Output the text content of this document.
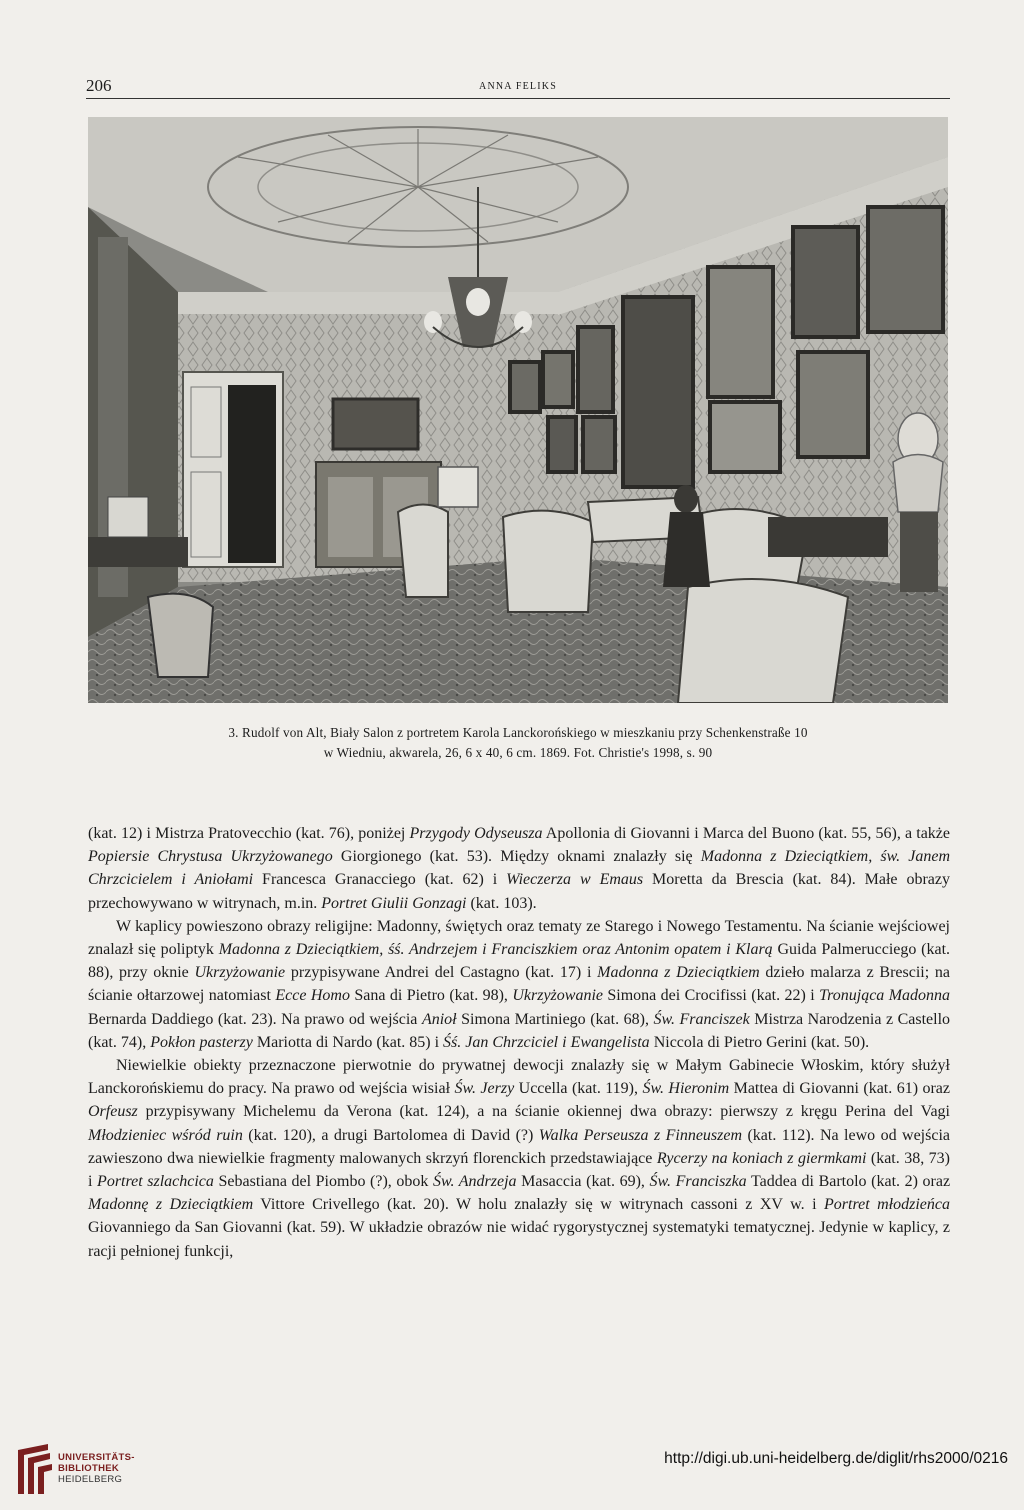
206	ANNA FELIKS
3. Rudolf von Alt, Biały Salon z portretem Karola Lanckorońskiego w mieszkaniu przy Schenkenstraße 10
w Wiedniu, akwarela, 26, 6 x 40, 6 cm. 1869. Fot. Christie's 1998, s. 90

(kat. 12) i Mistrza Pratovecchio (kat. 76), poniżej Przygody Odyseusza Apollonia di Giovanni i Marca del Buono (kat. 55, 56), a także Popiersie Chrystusa Ukrzyżowanego Giorgionego (kat. 53). Między oknami znalazły się Madonna z Dzieciątkiem, św. Janem Chrzcicielem i Aniołami Francesca Granacciego (kat. 62) i Wieczerza w Emaus Moretta da Brescia (kat. 84). Małe obrazy przechowywano w witrynach, m.in. Portret Giulii Gonzagi (kat. 103).

W kaplicy powieszono obrazy religijne: Madonny, świętych oraz tematy ze Starego i Nowego Testamentu. Na ścianie wejściowej znalazł się poliptyk Madonna z Dzieciątkiem, śś. Andrzejem i Franciszkiem oraz Antonim opatem i Klarą Guida Palmerucciego (kat. 88), przy oknie Ukrzyżowanie przypisywane Andrei del Castagno (kat. 17) i Madonna z Dzieciątkiem dzieło malarza z Brescii; na ścianie ołtarzowej natomiast Ecce Homo Sana di Pietro (kat. 98), Ukrzyżowanie Simona dei Crocifissi (kat. 22) i Tronująca Madonna Bernarda Daddiego (kat. 23). Na prawo od wejścia Anioł Simona Martiniego (kat. 68), Św. Franciszek Mistrza Narodzenia z Castello (kat. 74), Pokłon pasterzy Mariotta di Nardo (kat. 85) i Śś. Jan Chrzciciel i Ewangelista Niccola di Pietro Gerini (kat. 50).

Niewielkie obiekty przeznaczone pierwotnie do prywatnej dewocji znalazły się w Małym Gabinecie Włoskim, który służył Lanckorońskiemu do pracy. Na prawo od wejścia wisiał Św. Jerzy Uccella (kat. 119), Św. Hieronim Mattea di Giovanni (kat. 61) oraz Orfeusz przypisywany Michelemu da Verona (kat. 124), a na ścianie okiennej dwa obrazy: pierwszy z kręgu Perina del Vagi Młodzieniec wśród ruin (kat. 120), a drugi Bartolomea di David (?) Walka Perseusza z Finneuszem (kat. 112). Na lewo od wejścia zawieszono dwa niewielkie fragmenty malowanych skrzyń florenckich przedstawiające Rycerzy na koniach z giermkami (kat. 38, 73) i Portret szlachcica Sebastiana del Piombo (?), obok Św. Andrzeja Masaccia (kat. 69), Św. Franciszka Taddea di Bartolo (kat. 2) oraz Madonnę z Dzieciątkiem Vittore Crivellego (kat. 20). W holu znalazły się w witrynach cassoni z XV w. i Portret młodzieńca Giovanniego da San Giovanni (kat. 59). W układzie obrazów nie widać rygorystycznej systematyki tematycznej. Jedynie w kaplicy, z racji pełnionej funkcji,

UNIVERSITÄTS-
BIBLIOTHEK
HEIDELBERG
http://digi.ub.uni-heidelberg.de/diglit/rhs2000/0216
